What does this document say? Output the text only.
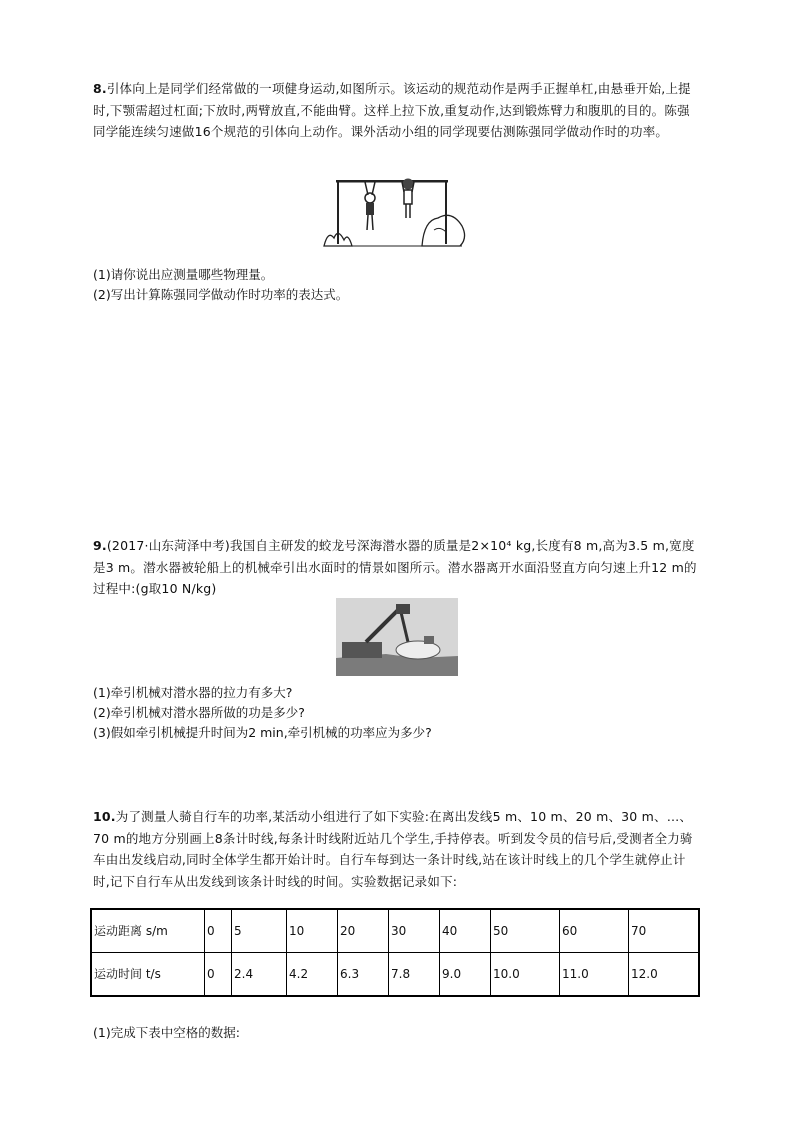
8.引体向上是同学们经常做的一项健身运动,如图所示。该运动的规范动作是两手正握单杠,由悬垂开始,上提时,下颚需超过杠面;下放时,两臂放直,不能曲臂。这样上拉下放,重复动作,达到锻炼臂力和腹肌的目的。陈强同学能连续匀速做16个规范的引体向上动作。课外活动小组的同学现要估测陈强同学做动作时的功率。

(1)请你说出应测量哪些物理量。

(2)写出计算陈强同学做动作时功率的表达式。

9.(2017·山东菏泽中考)我国自主研发的蛟龙号深海潜水器的质量是2×10⁴ kg,长度有8 m,高为3.5 m,宽度是3 m。潜水器被轮船上的机械牵引出水面时的情景如图所示。潜水器离开水面沿竖直方向匀速上升12 m的过程中:(g取10 N/kg)

(1)牵引机械对潜水器的拉力有多大?

(2)牵引机械对潜水器所做的功是多少?

(3)假如牵引机械提升时间为2 min,牵引机械的功率应为多少?

10.为了测量人骑自行车的功率,某活动小组进行了如下实验:在离出发线5 m、10 m、20 m、30 m、…、70 m的地方分别画上8条计时线,每条计时线附近站几个学生,手持停表。听到发令员的信号后,受测者全力骑车由出发线启动,同时全体学生都开始计时。自行车每到达一条计时线,站在该计时线上的几个学生就停止计时,记下自行车从出发线到该条计时线的时间。实验数据记录如下:

运动距离 s/m	0	5	10	20	30	40	50	60	70
运动时间 t/s	0	2.4	4.2	6.3	7.8	9.0	10.0	11.0	12.0

(1)完成下表中空格的数据:
